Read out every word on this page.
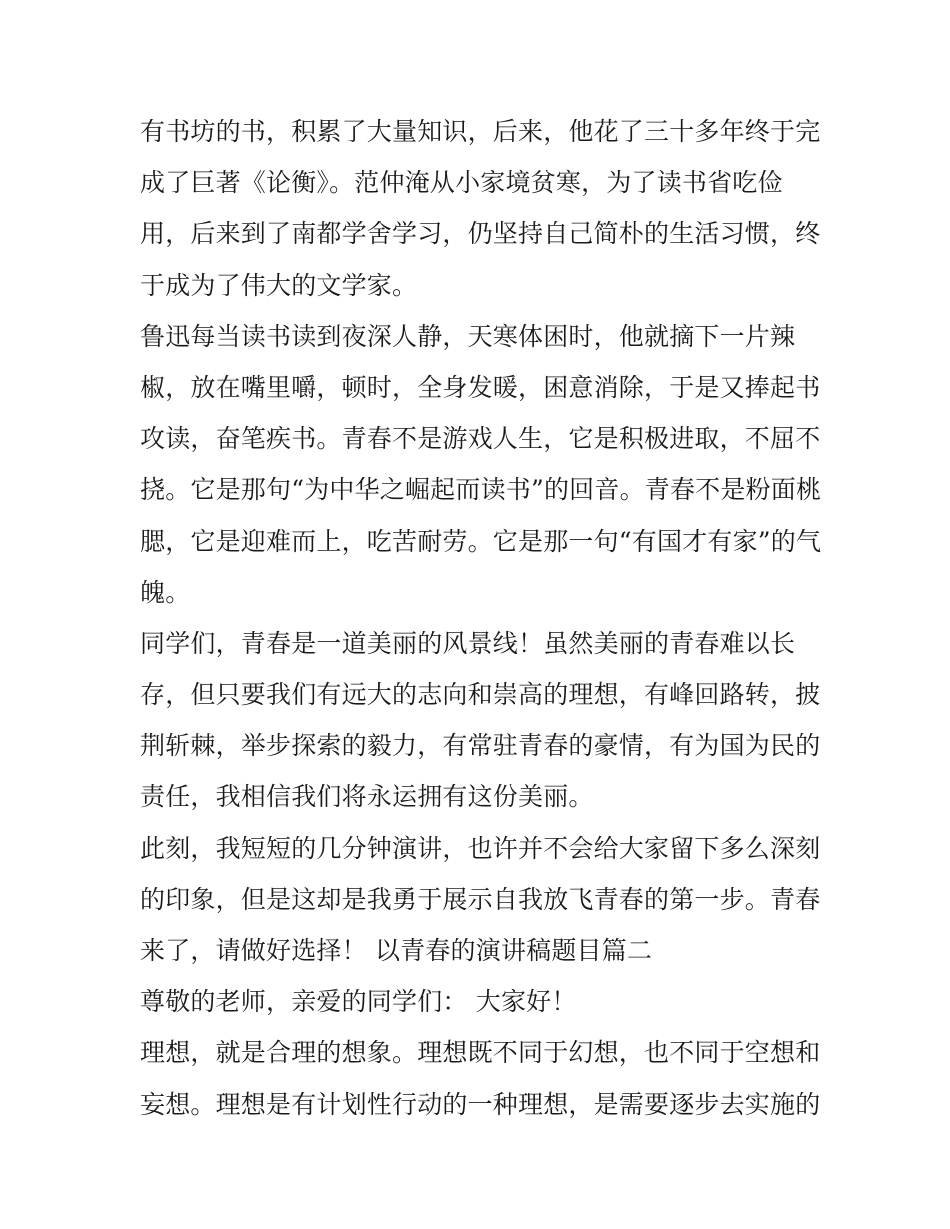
有书坊的书，积累了大量知识，后来，他花了三十多年终于完
成了巨著《论衡》。范仲淹从小家境贫寒，为了读书省吃俭
用，后来到了南都学舍学习，仍坚持自己简朴的生活习惯，终
于成为了伟大的文学家。
鲁迅每当读书读到夜深人静，天寒体困时，他就摘下一片辣
椒，放在嘴里嚼，顿时，全身发暖，困意消除，于是又捧起书
攻读，奋笔疾书。青春不是游戏人生，它是积极进取，不屈不
挠。它是那句“为中华之崛起而读书”的回音。青春不是粉面桃
腮，它是迎难而上，吃苦耐劳。它是那一句“有国才有家”的气
魄。
同学们，青春是一道美丽的风景线！虽然美丽的青春难以长
存，但只要我们有远大的志向和崇高的理想，有峰回路转，披
荆斩棘，举步探索的毅力，有常驻青春的豪情，有为国为民的
责任，我相信我们将永运拥有这份美丽。
此刻，我短短的几分钟演讲，也许并不会给大家留下多么深刻
的印象，但是这却是我勇于展示自我放飞青春的第一步。青春
来了，请做好选择！ 以青春的演讲稿题目篇二
尊敬的老师，亲爱的同学们： 大家好！
理想，就是合理的想象。理想既不同于幻想，也不同于空想和
妄想。理想是有计划性行动的一种理想，是需要逐步去实施的
